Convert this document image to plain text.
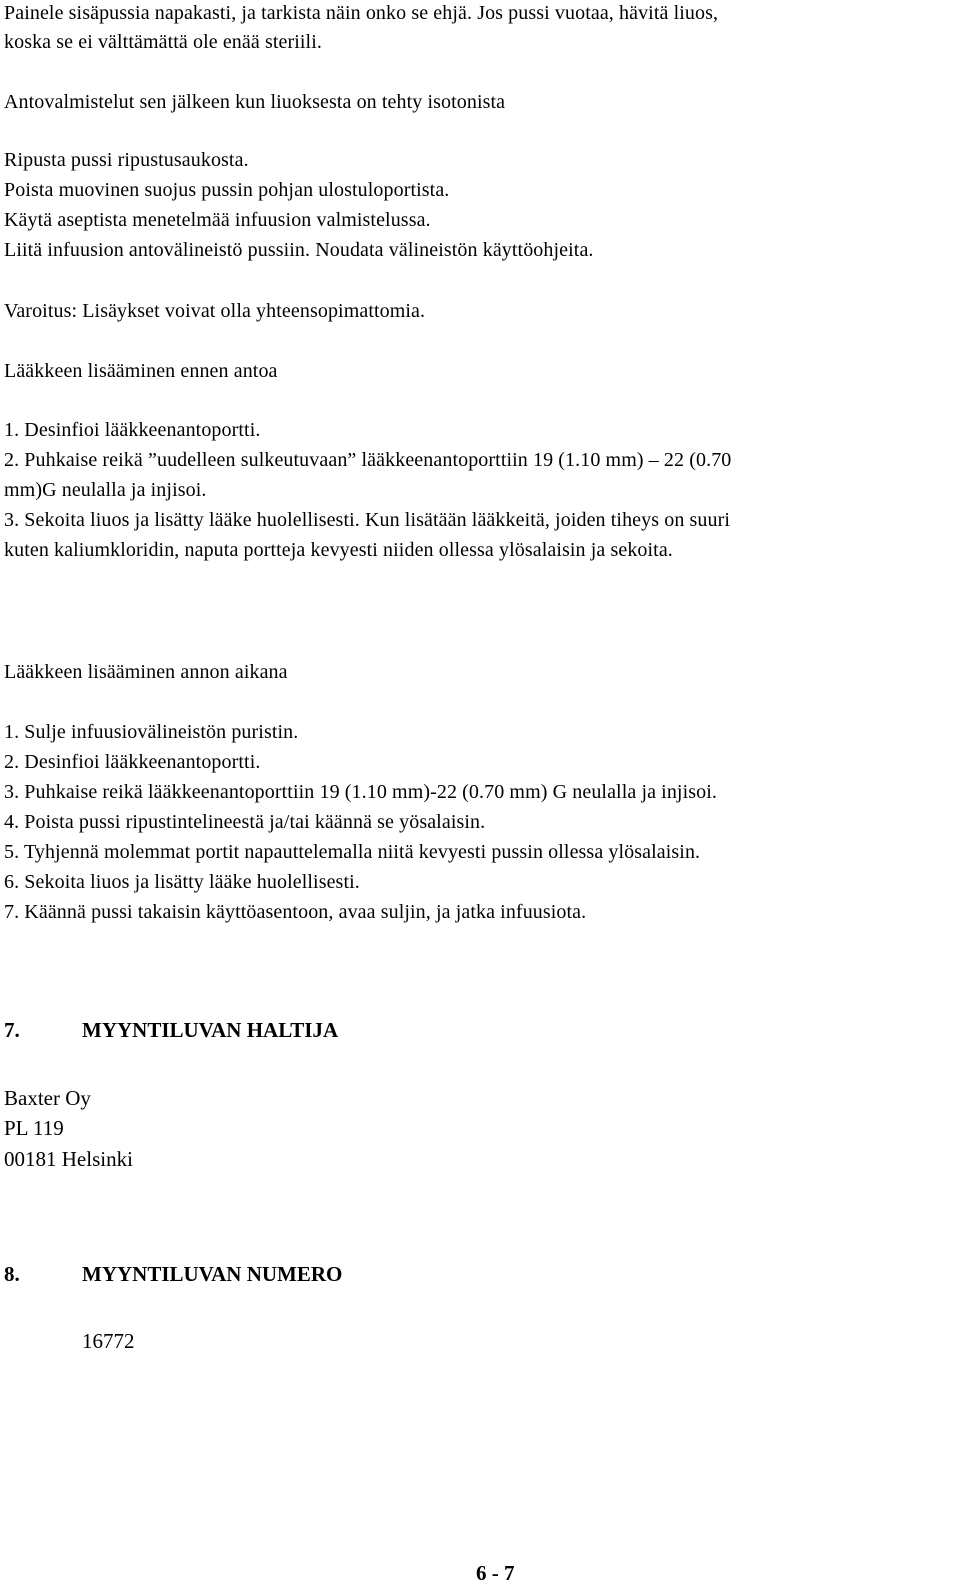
Painele sisäpussia napakasti, ja tarkista näin onko se ehjä. Jos pussi vuotaa, hävitä liuos,
koska se ei välttämättä ole enää steriili.
Antovalmistelut sen jälkeen kun liuoksesta on tehty isotonista
Ripusta pussi ripustusaukosta.
Poista muovinen suojus pussin pohjan ulostuloportista.
Käytä aseptista menetelmää infuusion valmistelussa.
Liitä infuusion antovälineistö pussiin. Noudata välineistön käyttöohjeita.
Varoitus: Lisäykset voivat olla yhteensopimattomia.
Lääkkeen lisääminen ennen antoa
1. Desinfioi lääkkeenantoportti.
2. Puhkaise reikä ”uudelleen sulkeutuvaan” lääkkeenantoporttiin 19 (1.10 mm) – 22 (0.70
mm)G neulalla ja injisoi.
3. Sekoita liuos ja lisätty lääke huolellisesti. Kun lisätään lääkkeitä, joiden tiheys on suuri
kuten kaliumkloridin, naputa portteja kevyesti niiden ollessa ylösalaisin ja sekoita.
Lääkkeen lisääminen annon aikana
1. Sulje infuusiovälineistön puristin.
2. Desinfioi lääkkeenantoportti.
3. Puhkaise reikä lääkkeenantoporttiin 19 (1.10 mm)-22 (0.70 mm) G neulalla ja injisoi.
4. Poista pussi ripustintelineestä ja/tai käännä se yösalaisin.
5. Tyhjennä molemmat portit napauttelemalla niitä kevyesti pussin ollessa ylösalaisin.
6. Sekoita liuos ja lisätty lääke huolellisesti.
7. Käännä pussi takaisin käyttöasentoon, avaa suljin, ja jatka infuusiota.
7.	MYYNTILUVAN HALTIJA
Baxter Oy
PL 119
00181 Helsinki
8.	MYYNTILUVAN NUMERO
16772
6 - 7
